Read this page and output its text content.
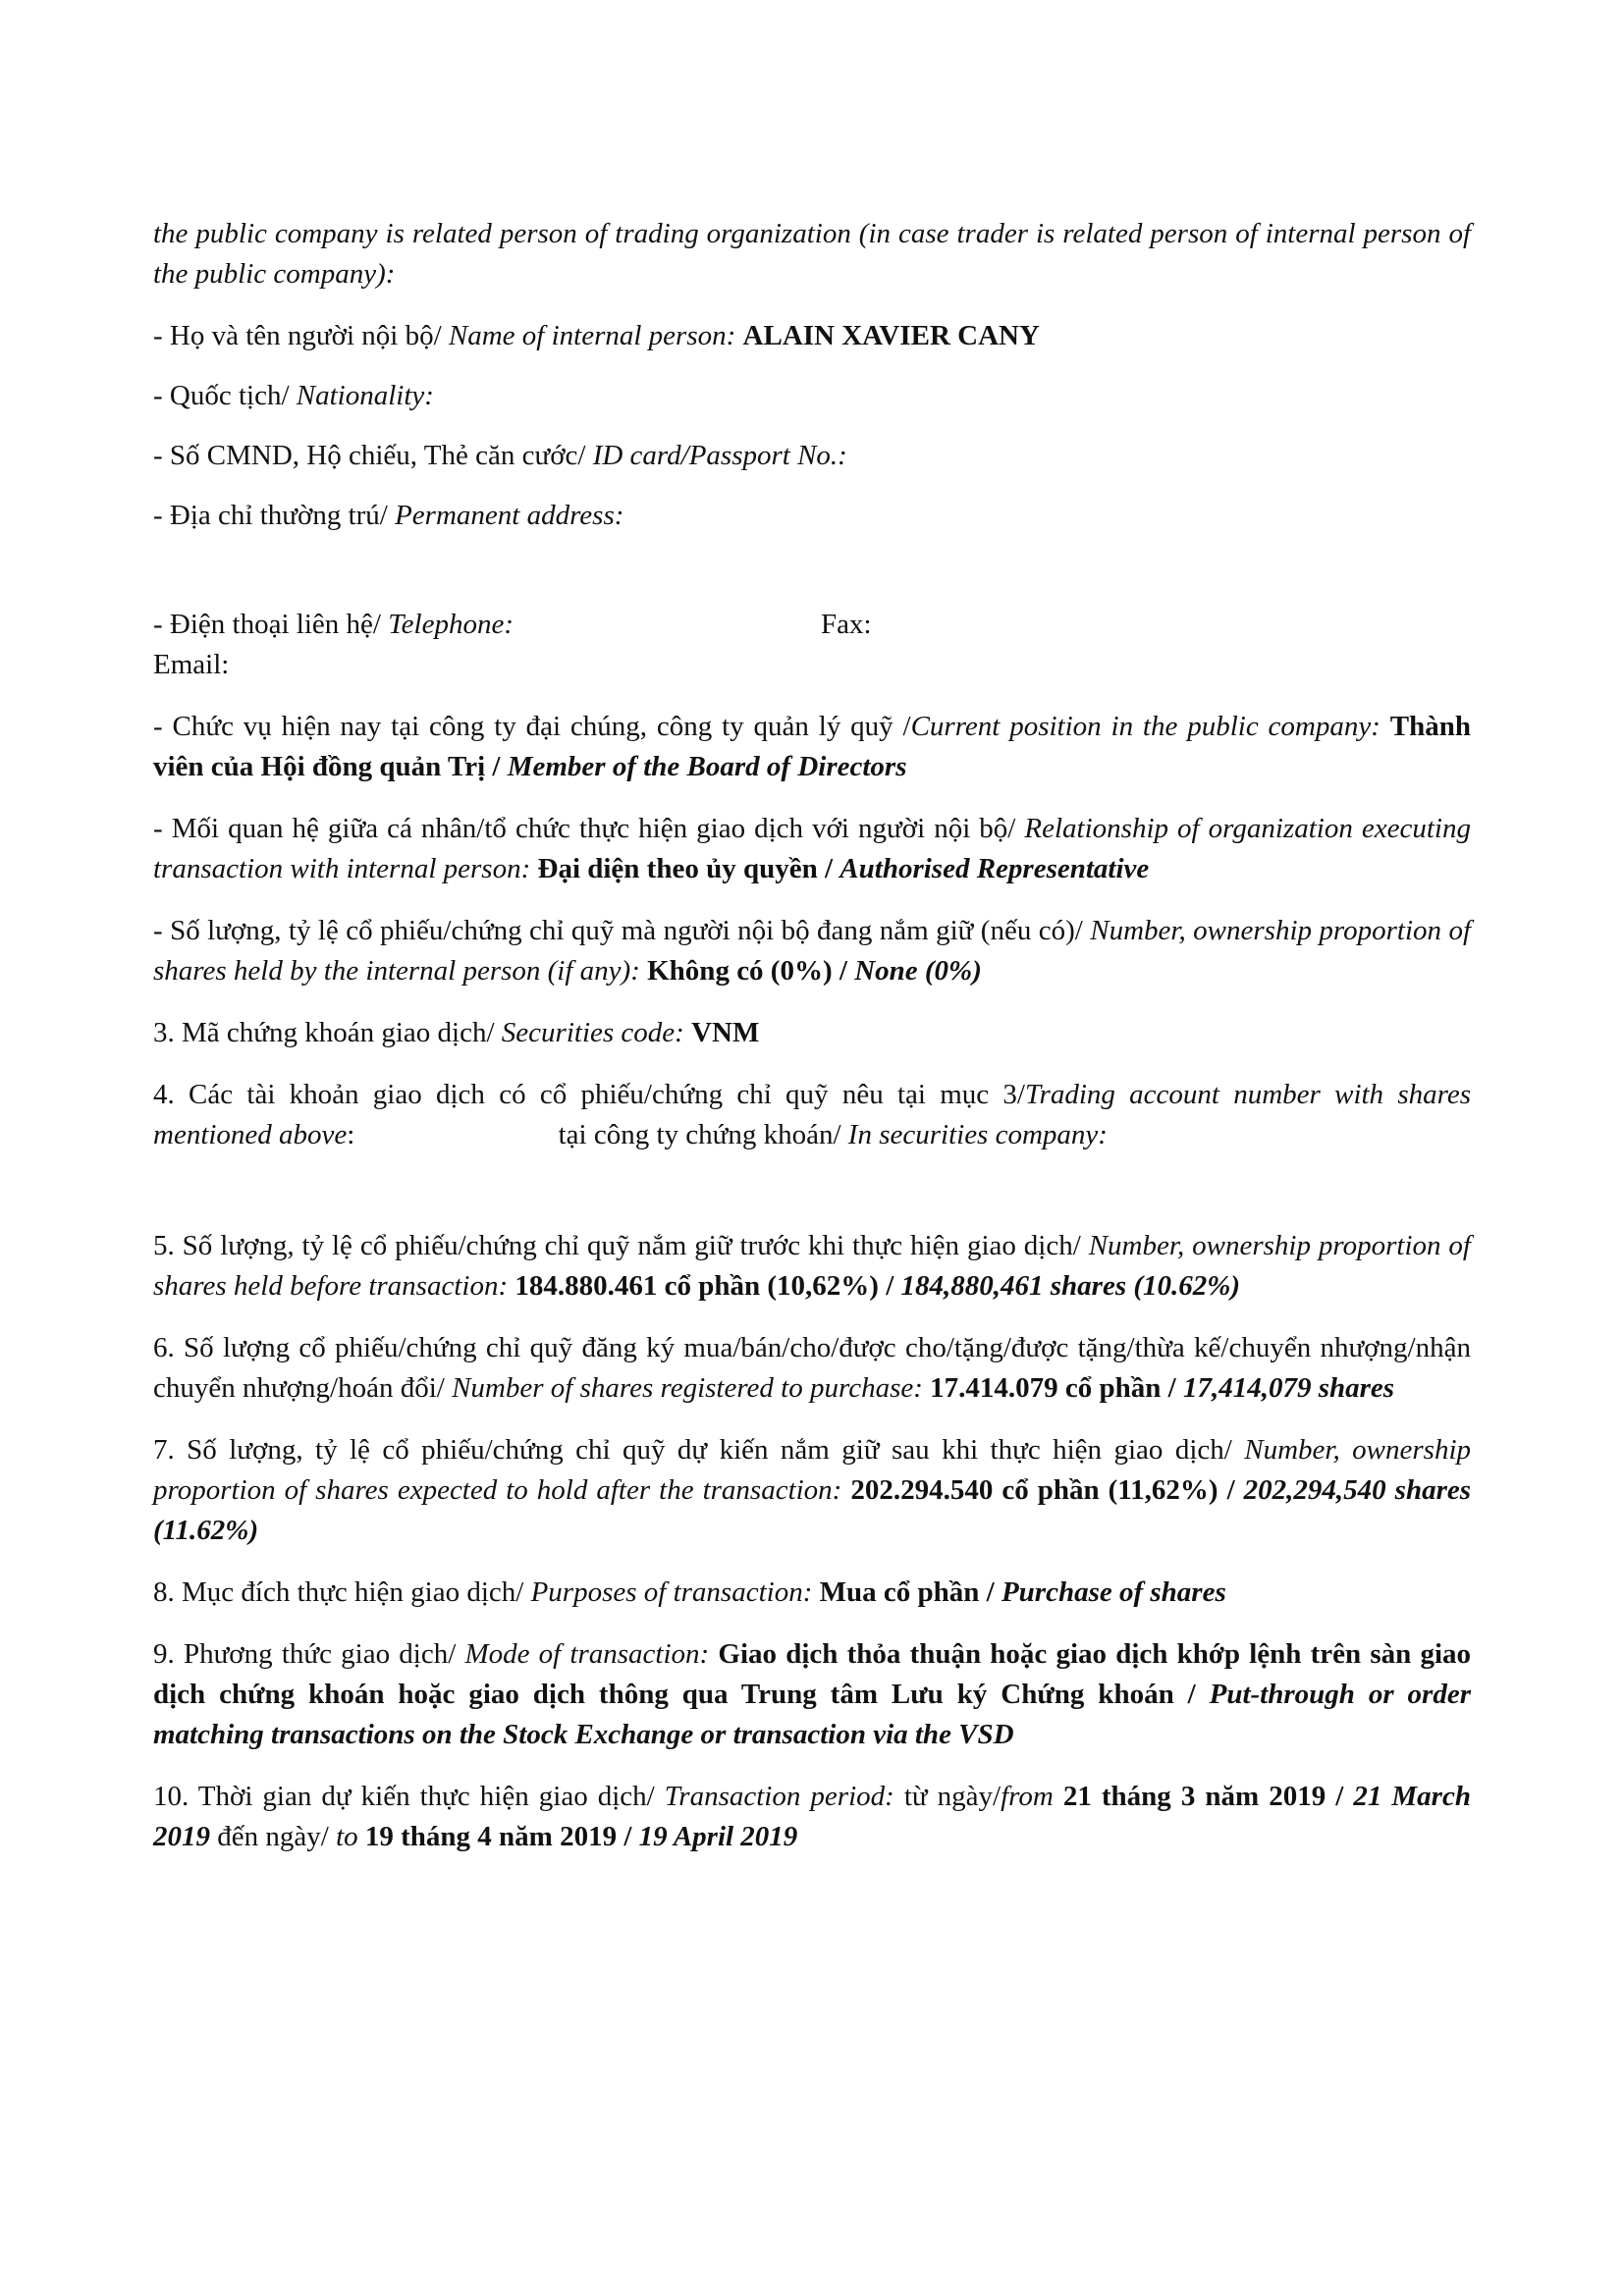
the public company is related person of trading organization (in case trader is related person of internal person of the public company):

- Họ và tên người nội bộ/ Name of internal person: ALAIN XAVIER CANY

- Quốc tịch/ Nationality:

- Số CMND, Hộ chiếu, Thẻ căn cước/ ID card/Passport No.:

- Địa chỉ thường trú/ Permanent address:

- Điện thoại liên hệ/ Telephone:	Fax:

Email:

- Chức vụ hiện nay tại công ty đại chúng, công ty quản lý quỹ /Current position in the public company: Thành viên của Hội đồng quản Trị / Member of the Board of Directors

- Mối quan hệ giữa cá nhân/tổ chức thực hiện giao dịch với người nội bộ/ Relationship of organization executing transaction with internal person: Đại diện theo ủy quyền / Authorised Representative

- Số lượng, tỷ lệ cổ phiếu/chứng chỉ quỹ mà người nội bộ đang nắm giữ (nếu có)/ Number, ownership proportion of shares held by the internal person (if any): Không có (0%) / None (0%)

3. Mã chứng khoán giao dịch/ Securities code: VNM

4. Các tài khoản giao dịch có cổ phiếu/chứng chỉ quỹ nêu tại mục 3/Trading account number with shares mentioned above:	tại công ty chứng khoán/ In securities company:

5. Số lượng, tỷ lệ cổ phiếu/chứng chỉ quỹ nắm giữ trước khi thực hiện giao dịch/ Number, ownership proportion of shares held before transaction: 184.880.461 cổ phần (10,62%) / 184,880,461 shares (10.62%)

6. Số lượng cổ phiếu/chứng chỉ quỹ đăng ký mua/bán/cho/được cho/tặng/được tặng/thừa kế/chuyển nhượng/nhận chuyển nhượng/hoán đổi/ Number of shares registered to purchase: 17.414.079 cổ phần / 17,414,079 shares

7. Số lượng, tỷ lệ cổ phiếu/chứng chỉ quỹ dự kiến nắm giữ sau khi thực hiện giao dịch/ Number, ownership proportion of shares expected to hold after the transaction: 202.294.540 cổ phần (11,62%) / 202,294,540 shares (11.62%)

8. Mục đích thực hiện giao dịch/ Purposes of transaction: Mua cổ phần / Purchase of shares

9. Phương thức giao dịch/ Mode of transaction: Giao dịch thỏa thuận hoặc giao dịch khớp lệnh trên sàn giao dịch chứng khoán hoặc giao dịch thông qua Trung tâm Lưu ký Chứng khoán / Put-through or order matching transactions on the Stock Exchange or transaction via the VSD

10. Thời gian dự kiến thực hiện giao dịch/ Transaction period: từ ngày/from 21 tháng 3 năm 2019 / 21 March 2019 đến ngày/ to 19 tháng 4 năm 2019 / 19 April 2019
